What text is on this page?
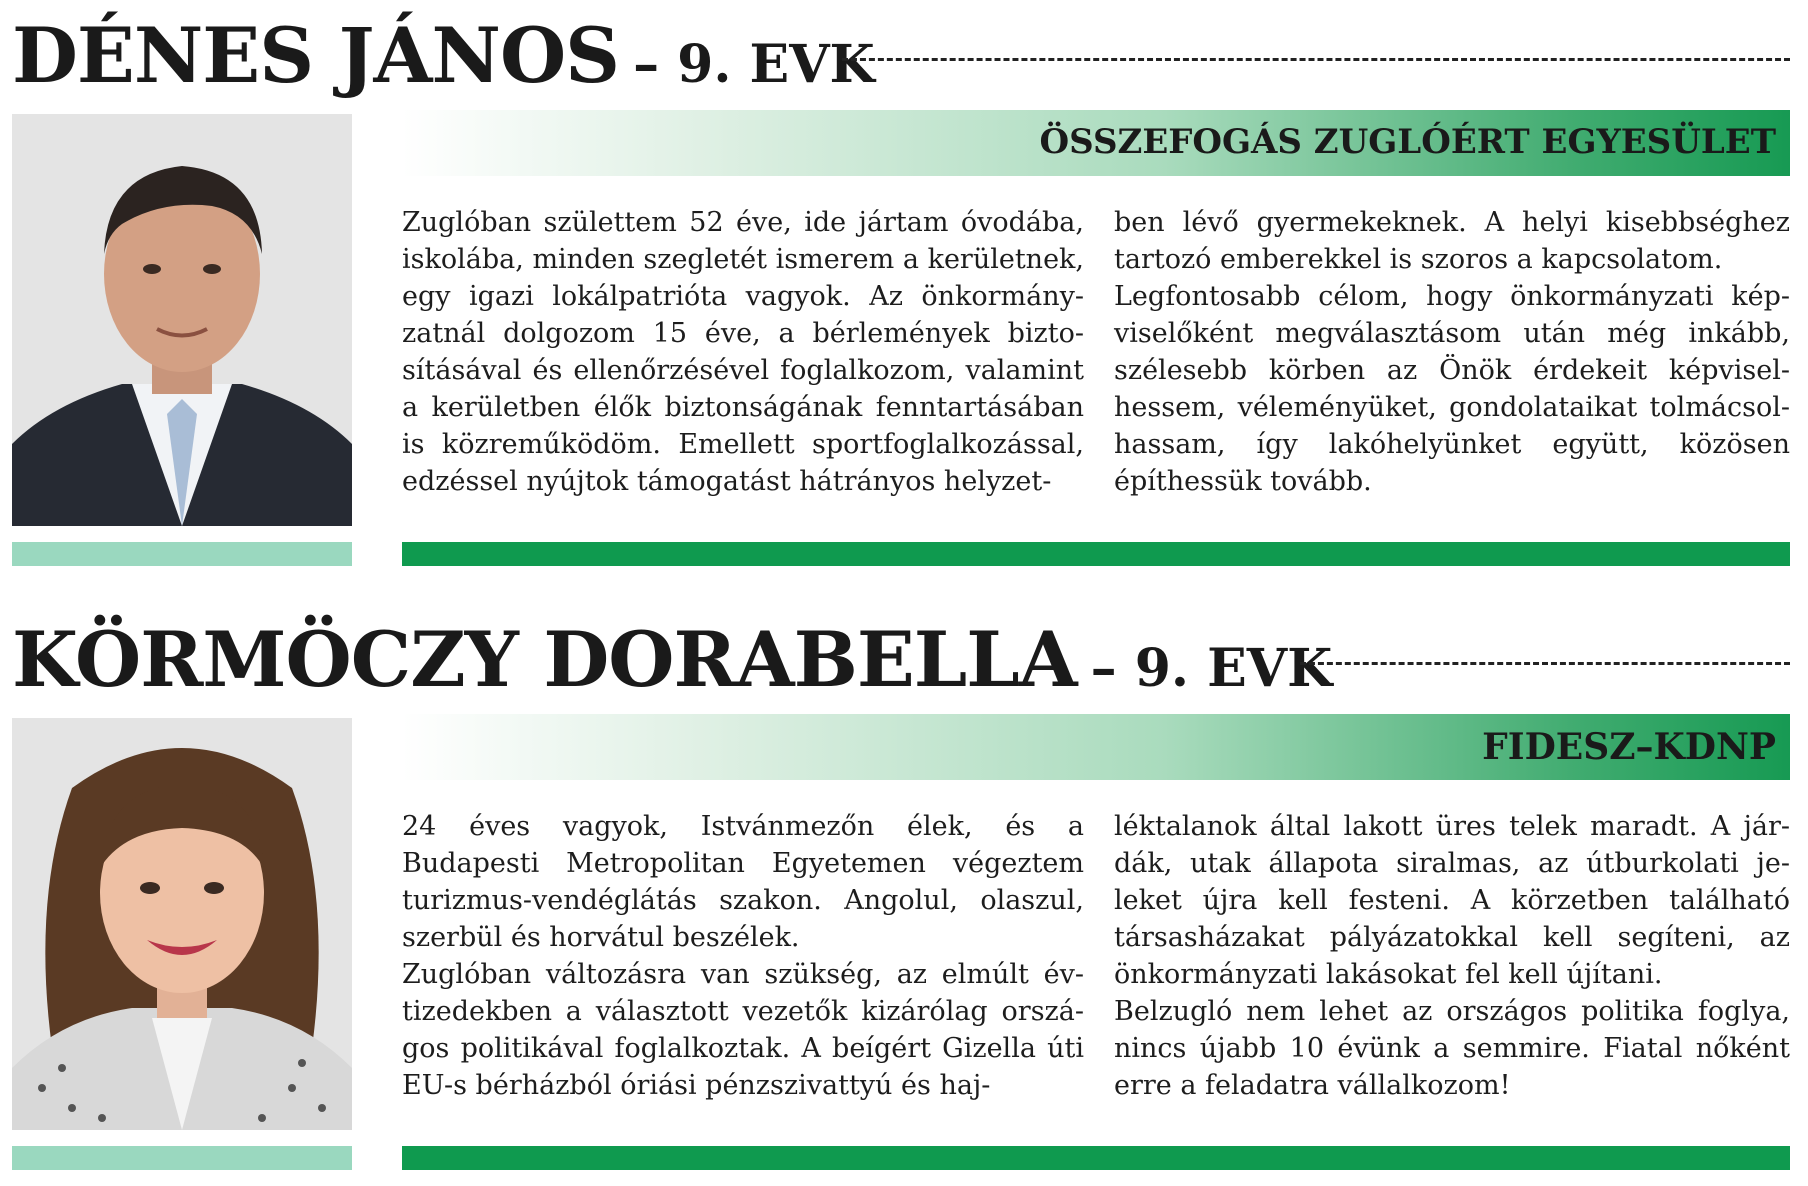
DÉNES JÁNOS – 9. EVK
ÖSSZEFOGÁS ZUGLÓÉRT EGYESÜLET

Zuglóban születtem 52 éve, ide jártam óvodába, iskolába, minden szegletét ismerem a kerületnek, egy igazi lokálpatrióta vagyok. Az önkormány-zatnál dolgozom 15 éve, a bérlemények bizto-sításával és ellenőrzésével foglalkozom, valamint a kerületben élők biztonságának fenntartásában is közreműködöm. Emellett sportfoglalkozással, edzéssel nyújtok támogatást hátrányos helyzet-

ben lévő gyermekeknek. A helyi kisebbséghez tartozó emberekkel is szoros a kapcsolatom.

Legfontosabb célom, hogy önkormányzati kép-viselőként megválasztásom után még inkább, szélesebb körben az Önök érdekeit képvisel-hessem, véleményüket, gondolataikat tolmácsol-hassam, így lakóhelyünket együtt, közösen építhessük tovább.

KÖRMÖCZY DORABELLA – 9. EVK
FIDESZ–KDNP

24 éves vagyok, Istvánmezőn élek, és a Budapesti Metropolitan Egyetemen végeztem turizmus-vendéglátás szakon. Angolul, olaszul, szerbül és horvátul beszélek.

Zuglóban változásra van szükség, az elmúlt év-tizedekben a választott vezetők kizárólag orszá-gos politikával foglalkoztak. A beígért Gizella úti EU-s bérházból óriási pénzszivattyú és haj-

léktalanok által lakott üres telek maradt. A jár-dák, utak állapota siralmas, az útburkolati je-leket újra kell festeni. A körzetben található társasházakat pályázatokkal kell segíteni, az önkormányzati lakásokat fel kell újítani.

Belzugló nem lehet az országos politika foglya, nincs újabb 10 évünk a semmire. Fiatal nőként erre a feladatra vállalkozom!
